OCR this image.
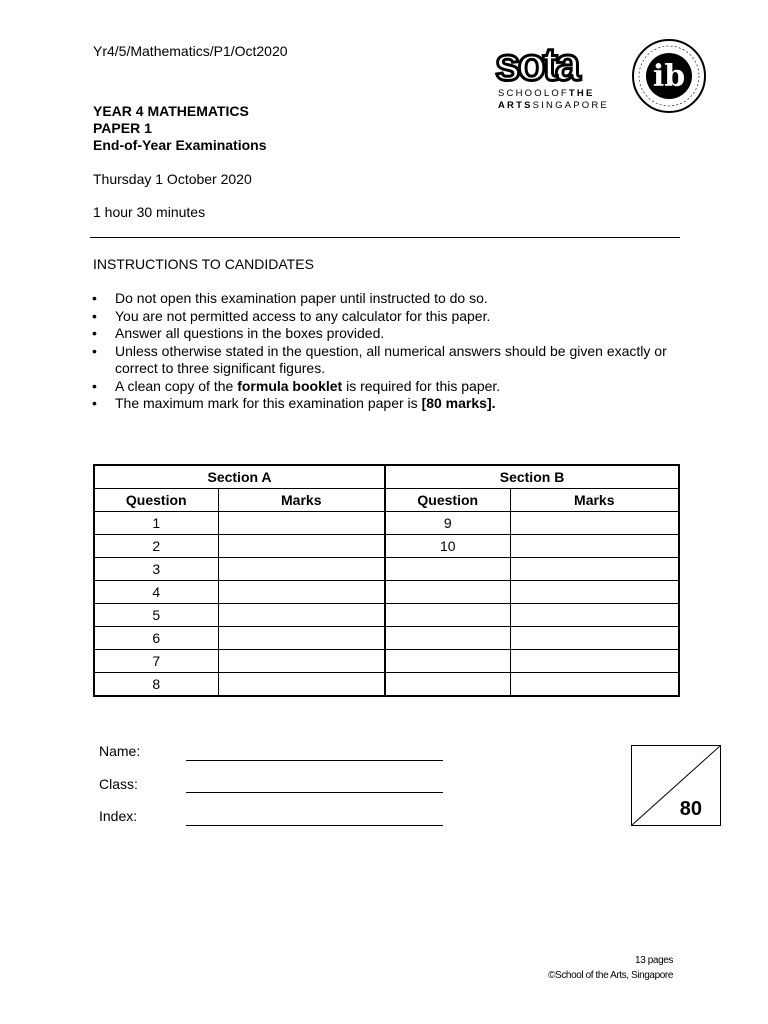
Yr4/5/Mathematics/P1/Oct2020	sota
SCHOOLOFTHE
ARTSSINGAPORE
ib
YEAR 4 MATHEMATICS
PAPER 1
End-of-Year Examinations
Thursday 1 October 2020
1 hour 30 minutes
INSTRUCTIONS TO CANDIDATES
• Do not open this examination paper until instructed to do so.
• You are not permitted access to any calculator for this paper.
• Answer all questions in the boxes provided.
• Unless otherwise stated in the question, all numerical answers should be given exactly or correct to three significant figures.
• A clean copy of the formula booklet is required for this paper.
• The maximum mark for this examination paper is [80 marks].
Section A		Section B	
Question	Marks	Question	Marks
1		9	
2		10	
3			
4			
5			
6			
7			
8			
Name:
Class:
Index:	80
13 pages
©School of the Arts, Singapore
